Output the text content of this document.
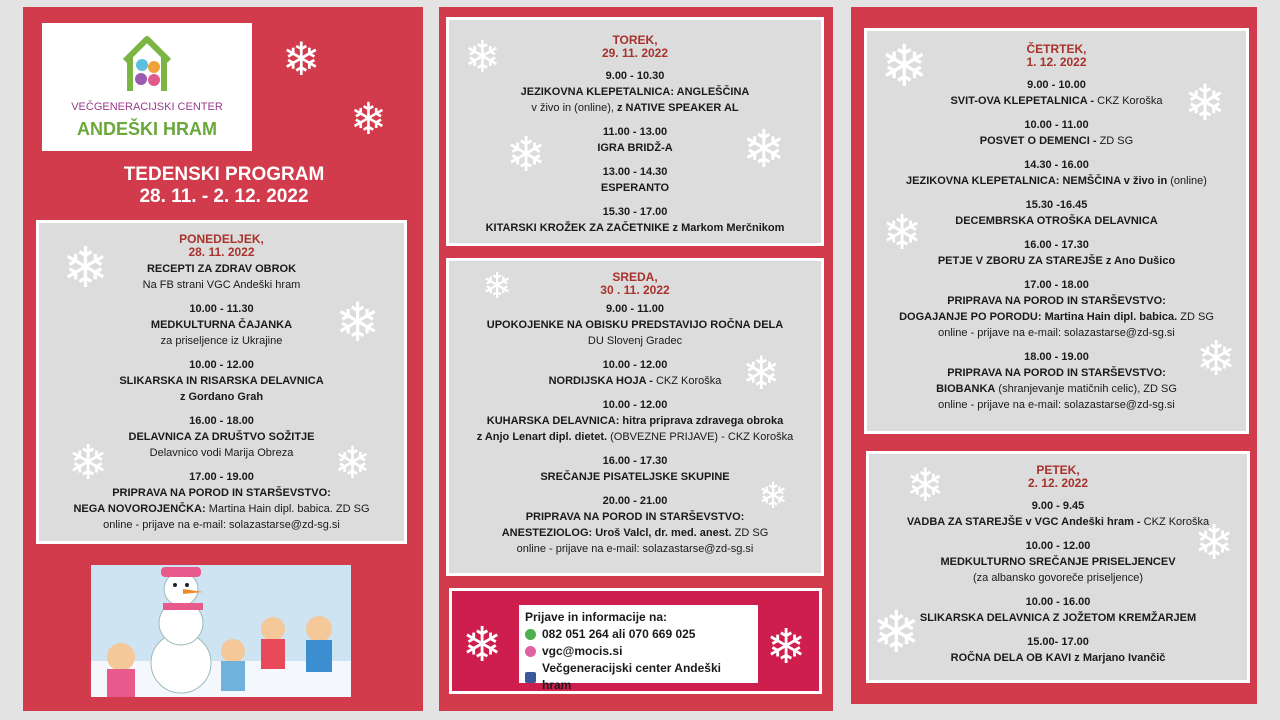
VEČGENERACIJSKI CENTER
ANDEŠKI HRAM
TEDENSKI PROGRAM
28. 11. - 2. 12. 2022
PONEDELJEK,
28. 11. 2022
RECEPTI ZA ZDRAV OBROK
Na FB strani VGC Andeški hram
10.00 - 11.30
MEDKULTURNA ČAJANKA
za priseljence iz Ukrajine
10.00 - 12.00
SLIKARSKA IN RISARSKA DELAVNICA
z Gordano Grah
16.00 - 18.00
DELAVNICA ZA DRUŠTVO SOŽITJE
Delavnico vodi Marija Obreza
17.00 - 19.00
PRIPRAVA NA POROD IN STARŠEVSTVO:
NEGA NOVOROJENČKA: Martina Hain dipl. babica. ZD SG
online - prijave na e-mail: solazastarse@zd-sg.si
TOREK,
29. 11. 2022
9.00 - 10.30
JEZIKOVNA KLEPETALNICA: ANGLEŠČINA
v živo in (online), z NATIVE SPEAKER AL
11.00 - 13.00
IGRA BRIDŽ-A
13.00 - 14.30
ESPERANTO
15.30 - 17.00
KITARSKI KROŽEK ZA ZAČETNIKE z Markom Merčnikom
SREDA,
30 . 11. 2022
9.00 - 11.00
UPOKOJENKE NA OBISKU PREDSTAVIJO ROČNA DELA
DU Slovenj Gradec
10.00 - 12.00
NORDIJSKA HOJA - CKZ Koroška
10.00 - 12.00
KUHARSKA DELAVNICA: hitra priprava zdravega obroka
z Anjo Lenart dipl. dietet. (OBVEZNE PRIJAVE) - CKZ Koroška
16.00 - 17.30
SREČANJE PISATELJSKE SKUPINE
20.00 - 21.00
PRIPRAVA NA POROD IN STARŠEVSTVO:
ANESTEZIOLOG: Uroš Valcl, dr. med. anest. ZD SG
online - prijave na e-mail: solazastarse@zd-sg.si
Prijave in informacije na:
082 051 264 ali 070 669 025
vgc@mocis.si
Večgeneracijski center Andeški hram
ČETRTEK,
1. 12. 2022
9.00 - 10.00
SVIT-OVA KLEPETALNICA - CKZ Koroška
10.00 - 11.00
POSVET O DEMENCI - ZD SG
14.30 - 16.00
JEZIKOVNA KLEPETALNICA: NEMŠČINA v živo in (online)
15.30 -16.45
DECEMBRSKA OTROŠKA DELAVNICA
16.00 - 17.30
PETJE V ZBORU ZA STAREJŠE z Ano Dušico
17.00 - 18.00
PRIPRAVA NA POROD IN STARŠEVSTVO:
DOGAJANJE PO PORODU: Martina Hain dipl. babica. ZD SG
online - prijave na e-mail: solazastarse@zd-sg.si
18.00 - 19.00
PRIPRAVA NA POROD IN STARŠEVSTVO:
BIOBANKA (shranjevanje matičnih celic), ZD SG
online - prijave na e-mail: solazastarse@zd-sg.si
PETEK,
2. 12. 2022
9.00 - 9.45
VADBA ZA STAREJŠE v VGC Andeški hram - CKZ Koroška
10.00 - 12.00
MEDKULTURNO SREČANJE PRISELJENCEV
(za albansko govoreče priseljence)
10.00 - 16.00
SLIKARSKA DELAVNICA Z JOŽETOM KREMŽARJEM
15.00- 17.00
ROČNA DELA OB KAVI z Marjano Ivančič
❄
❄
❄
❄
❄	❄
❄
❄	❄
❄
❄
❄
❄	❄
❄
❄
❄
❄
❄
❄
❄
